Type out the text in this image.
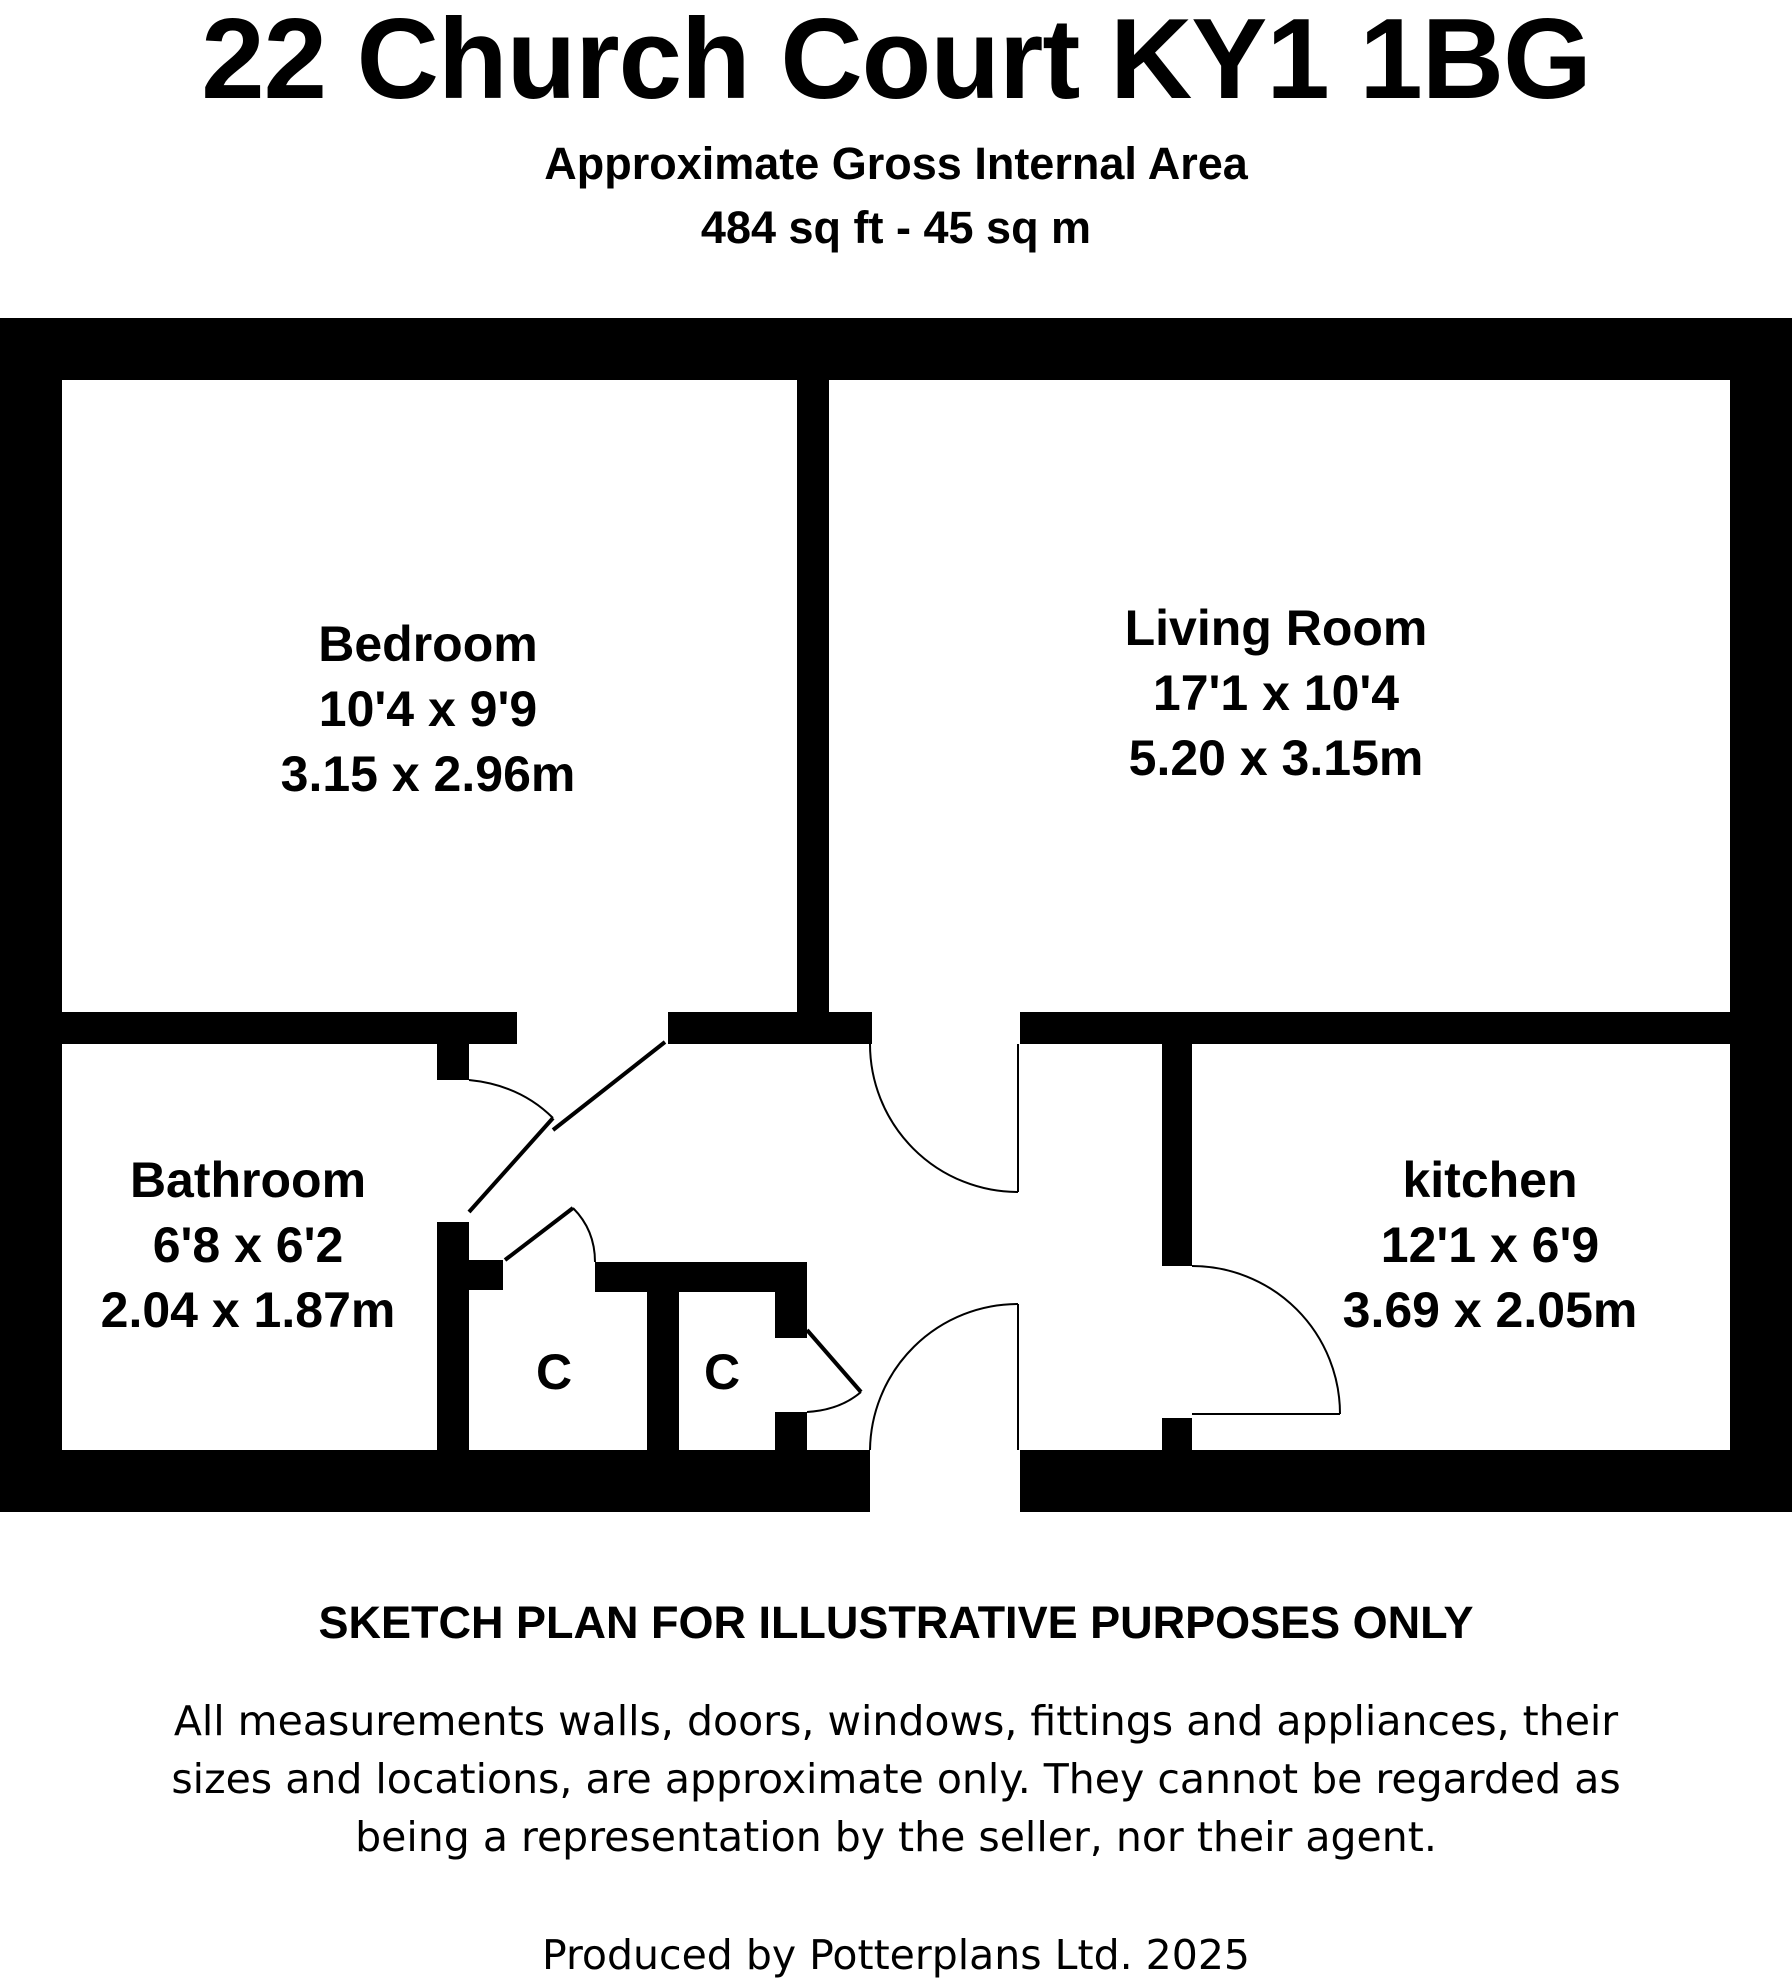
22 Church Court KY1 1BG
Approximate Gross Internal Area
484 sq ft - 45 sq m
Bedroom
10'4 x 9'9
3.15 x 2.96m
Living Room
17'1 x 10'4
5.20 x 3.15m
Bathroom
6'8 x 6'2
2.04 x 1.87m
kitchen
12'1 x 6'9
3.69 x 2.05m
C	C
SKETCH PLAN FOR ILLUSTRATIVE PURPOSES ONLY
All measurements walls, doors, windows, fittings and appliances, their
sizes and locations, are approximate only. They cannot be regarded as
being a representation by the seller, nor their agent.
Produced by Potterplans Ltd. 2025
